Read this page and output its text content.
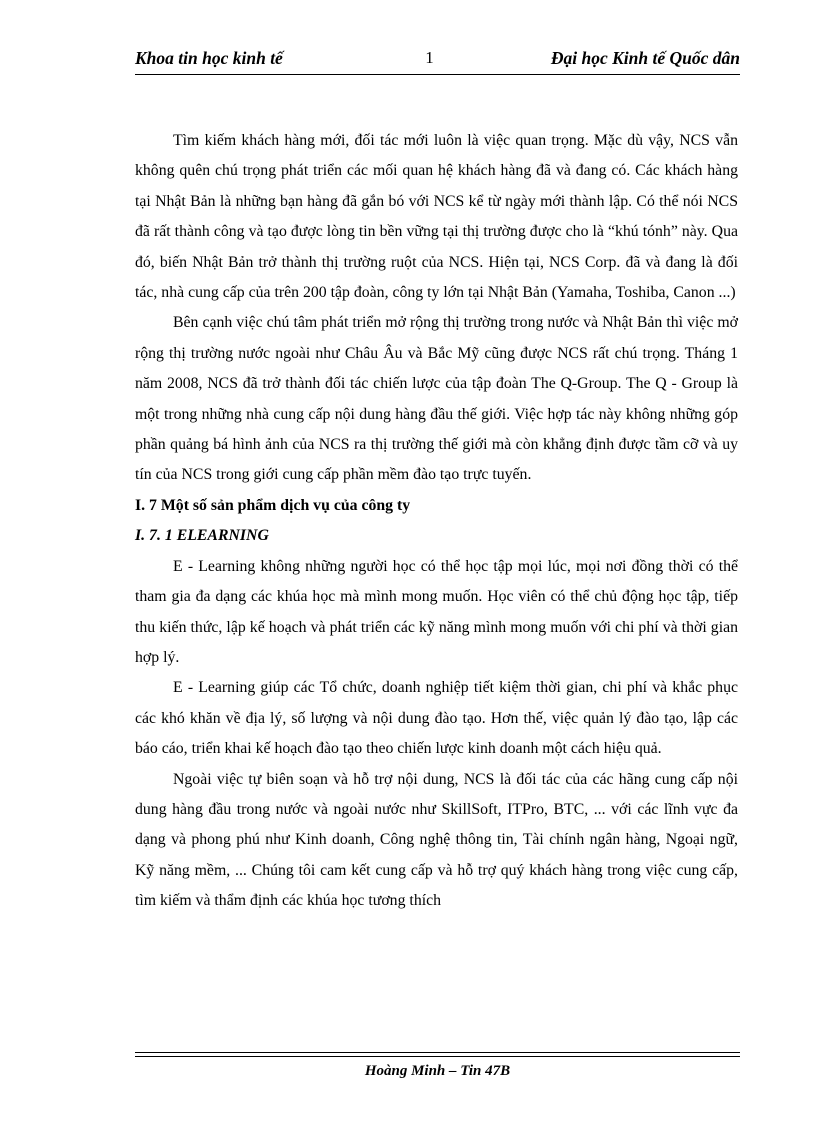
Khoa tin học kinh tế	1	Đại học Kinh tế Quốc dân

Tìm kiếm khách hàng mới, đối tác mới luôn là việc quan trọng. Mặc dù vậy, NCS vẫn không quên chú trọng phát triển các mối quan hệ khách hàng đã và đang có. Các khách hàng tại Nhật Bản là những bạn hàng đã gắn bó với NCS kể từ ngày mới thành lập. Có thể nói NCS đã rất thành công và tạo được lòng tin bền vững tại thị trường được cho là “khú tónh” này. Qua đó, biến Nhật Bản trở thành thị trường ruột của NCS. Hiện tại, NCS Corp. đã và đang là đối tác, nhà cung cấp của trên 200 tập đoàn, công ty lớn tại Nhật Bản (Yamaha, Toshiba, Canon ...)

Bên cạnh việc chú tâm phát triển mở rộng thị trường trong nước và Nhật Bản thì việc mở rộng thị trường nước ngoài như Châu Âu và Bắc Mỹ cũng được NCS rất chú trọng. Tháng 1 năm 2008, NCS đã trở thành đối tác chiến lược của tập đoàn The Q-Group. The Q - Group là một trong những nhà cung cấp nội dung hàng đầu thế giới. Việc hợp tác này không những góp phần quảng bá hình ảnh của NCS ra thị trường thế giới mà còn khẳng định được tầm cỡ và uy tín của NCS trong giới cung cấp phần mềm đào tạo trực tuyến.

I. 7 Một số sản phẩm dịch vụ của công ty

I. 7. 1 ELEARNING

E - Learning không những người học có thể học tập mọi lúc, mọi nơi đồng thời có thể tham gia đa dạng các khúa học mà mình mong muốn. Học viên có thể chủ động học tập, tiếp thu kiến thức, lập kế hoạch và phát triển các kỹ năng mình mong muốn với chi phí và thời gian hợp lý.

E - Learning giúp các Tổ chức, doanh nghiệp tiết kiệm thời gian, chi phí và khắc phục các khó khăn về địa lý, số lượng và nội dung đào tạo. Hơn thế, việc quản lý đào tạo, lập các báo cáo, triển khai kế hoạch đào tạo theo chiến lược kinh doanh một cách hiệu quả.

Ngoài việc tự biên soạn và hỗ trợ nội dung, NCS là đối tác của các hãng cung cấp nội dung hàng đầu trong nước và ngoài nước như SkillSoft, ITPro, BTC, ... với các lĩnh vực đa dạng và phong phú như Kinh doanh, Công nghệ thông tin, Tài chính ngân hàng, Ngoại ngữ, Kỹ năng mềm, ... Chúng tôi cam kết cung cấp và hỗ trợ quý khách hàng trong việc cung cấp, tìm kiếm và thẩm định các khúa học tương thích

Hoàng Minh – Tin 47B
